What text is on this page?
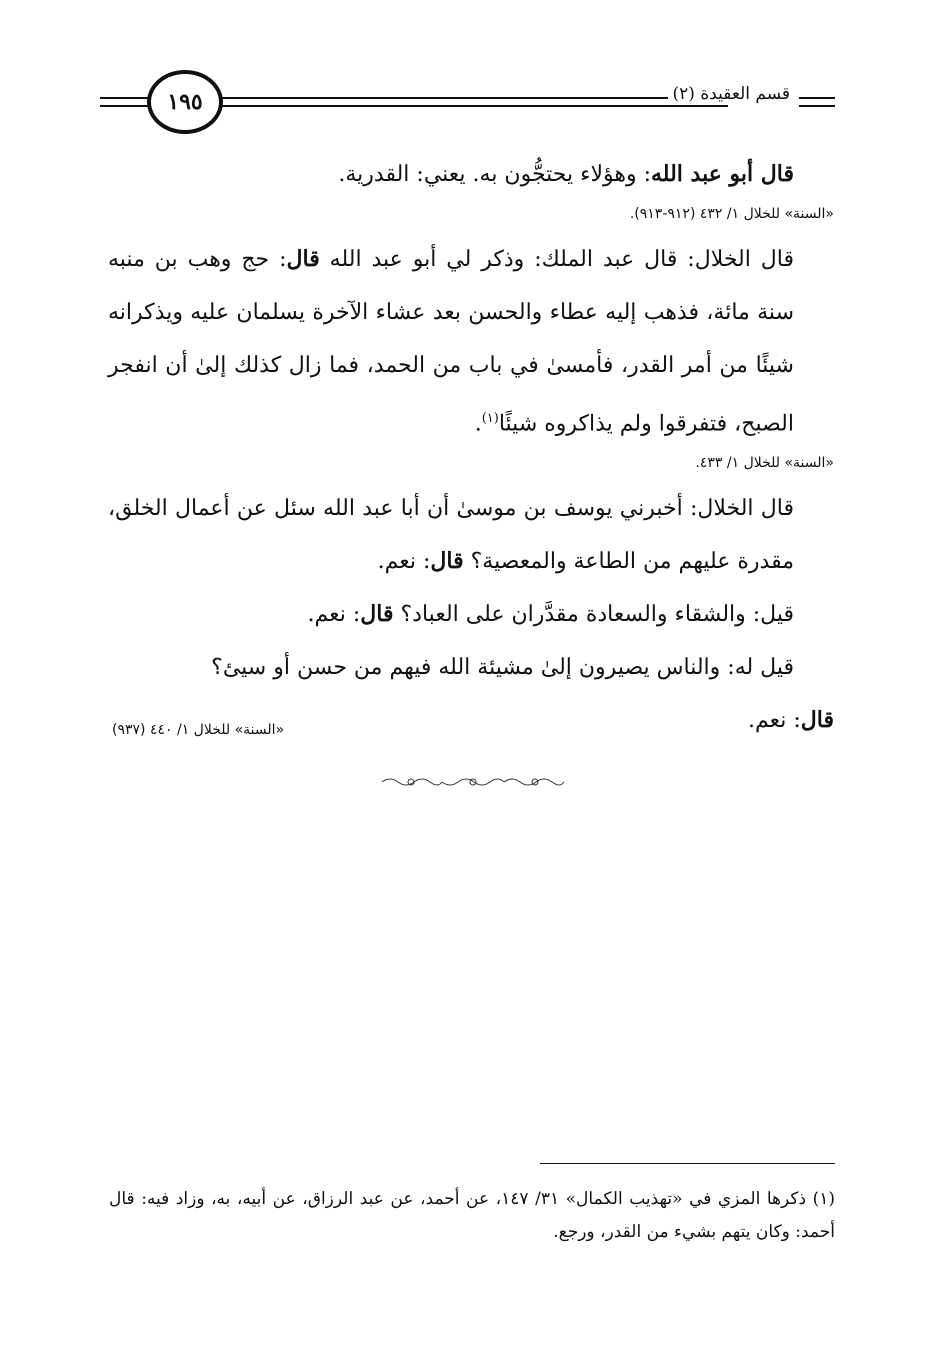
١٩٥	قسم العقيدة (٢)

قال أبو عبد الله: وهؤلاء يحتجُّون به. يعني: القدرية.

«السنة» للخلال ١/ ٤٣٢ (٩١٢-٩١٣).

قال الخلال: قال عبد الملك: وذكر لي أبو عبد الله قال: حج وهب بن منبه سنة مائة، فذهب إليه عطاء والحسن بعد عشاء الآخرة يسلمان عليه ويذكرانه شيئًا من أمر القدر، فأمسىٰ في باب من الحمد، فما زال كذلك إلىٰ أن انفجر الصبح، فتفرقوا ولم يذاكروه شيئًا$^{(١)}$.

«السنة» للخلال ١/ ٤٣٣.

قال الخلال: أخبرني يوسف بن موسىٰ أن أبا عبد الله سئل عن أعمال الخلق، مقدرة عليهم من الطاعة والمعصية؟ قال: نعم.

قيل: والشقاء والسعادة مقدَّران على العباد؟ قال: نعم.

قيل له: والناس يصيرون إلىٰ مشيئة الله فيهم من حسن أو سيئ؟

قال: نعم.

«السنة» للخلال ١/ ٤٤٠ (٩٣٧)
(١) ذكرها المزي في «تهذيب الكمال» ٣١/ ١٤٧، عن أحمد، عن عبد الرزاق، عن أبيه، به، وزاد فيه: قال أحمد: وكان يتهم بشيء من القدر، ورجع.
